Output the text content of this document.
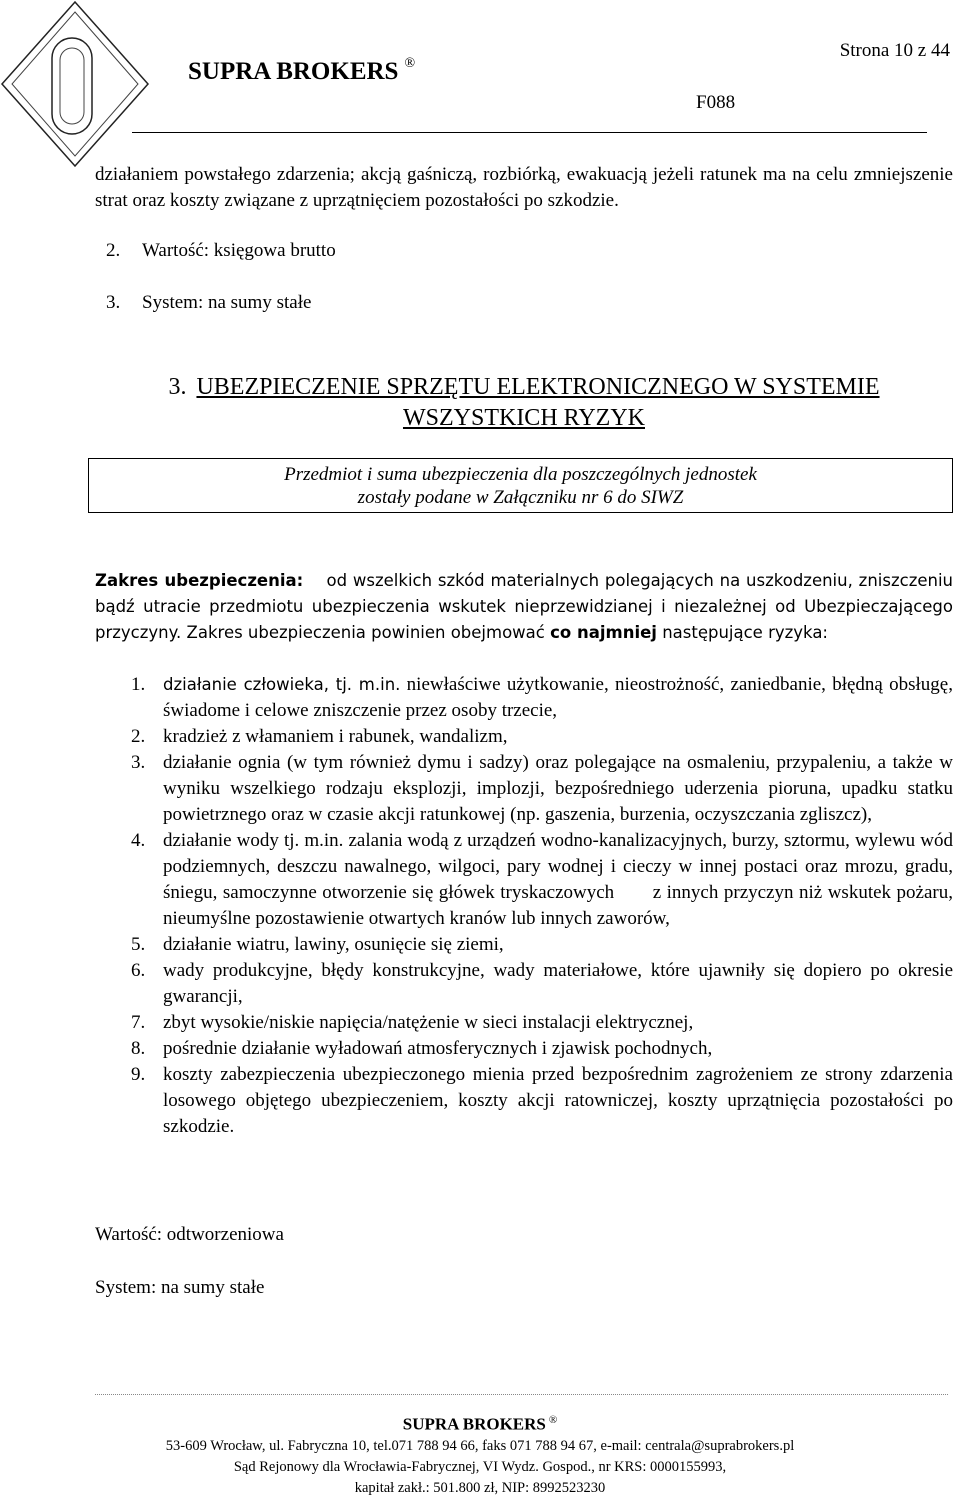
SUPRA BROKERS ®
Strona 10 z 44
F088
działaniem powstałego zdarzenia; akcją gaśniczą, rozbiórką, ewakuacją jeżeli ratunek ma na celu zmniejszenie strat oraz koszty związane z uprzątnięciem pozostałości po szkodzie.
2. Wartość: księgowa brutto
3. System: na sumy stałe
3. UBEZPIECZENIE SPRZĘTU ELEKTRONICZNEGO W SYSTEMIE
WSZYSTKICH RYZYK
Przedmiot i suma ubezpieczenia dla poszczególnych jednostek
zostały podane w Załączniku nr 6 do SIWZ
Zakres ubezpieczenia: od wszelkich szkód materialnych polegających na uszkodzeniu, zniszczeniu bądź utracie przedmiotu ubezpieczenia wskutek nieprzewidzianej i niezależnej od Ubezpieczającego przyczyny. Zakres ubezpieczenia powinien obejmować co najmniej następujące ryzyka:
1. działanie człowieka, tj. m.in. niewłaściwe użytkowanie, nieostrożność, zaniedbanie, błędną obsługę, świadome i celowe zniszczenie przez osoby trzecie,
2. kradzież z włamaniem i rabunek, wandalizm,
3. działanie ognia (w tym również dymu i sadzy) oraz polegające na osmaleniu, przypaleniu, a także w wyniku wszelkiego rodzaju eksplozji, implozji, bezpośredniego uderzenia pioruna, upadku statku powietrznego oraz w czasie akcji ratunkowej (np. gaszenia, burzenia, oczyszczania zgliszcz),
4. działanie wody tj. m.in. zalania wodą z urządzeń wodno-kanalizacyjnych, burzy, sztormu, wylewu wód podziemnych, deszczu nawalnego, wilgoci, pary wodnej i cieczy w innej postaci oraz mrozu, gradu, śniegu, samoczynne otworzenie się główek tryskaczowych       z innych przyczyn niż wskutek pożaru, nieumyślne pozostawienie otwartych kranów lub innych zaworów,
5. działanie wiatru, lawiny, osunięcie się ziemi,
6. wady produkcyjne, błędy konstrukcyjne, wady materiałowe, które ujawniły się dopiero po okresie gwarancji,
7. zbyt wysokie/niskie napięcia/natężenie w sieci instalacji elektrycznej,
8. pośrednie działanie wyładowań atmosferycznych i zjawisk pochodnych,
9. koszty zabezpieczenia ubezpieczonego mienia przed bezpośrednim zagrożeniem ze strony zdarzenia losowego objętego ubezpieczeniem, koszty akcji ratowniczej, koszty uprzątnięcia pozostałości po szkodzie.
Wartość: odtworzeniowa
System: na sumy stałe
SUPRA BROKERS ®
53-609 Wrocław, ul. Fabryczna 10, tel.071 788 94 66, faks 071 788 94 67, e-mail: centrala@suprabrokers.pl
Sąd Rejonowy dla Wrocławia-Fabrycznej, VI Wydz. Gospod., nr KRS: 0000155993,
kapitał zakł.: 501.800 zł, NIP: 8992523230
